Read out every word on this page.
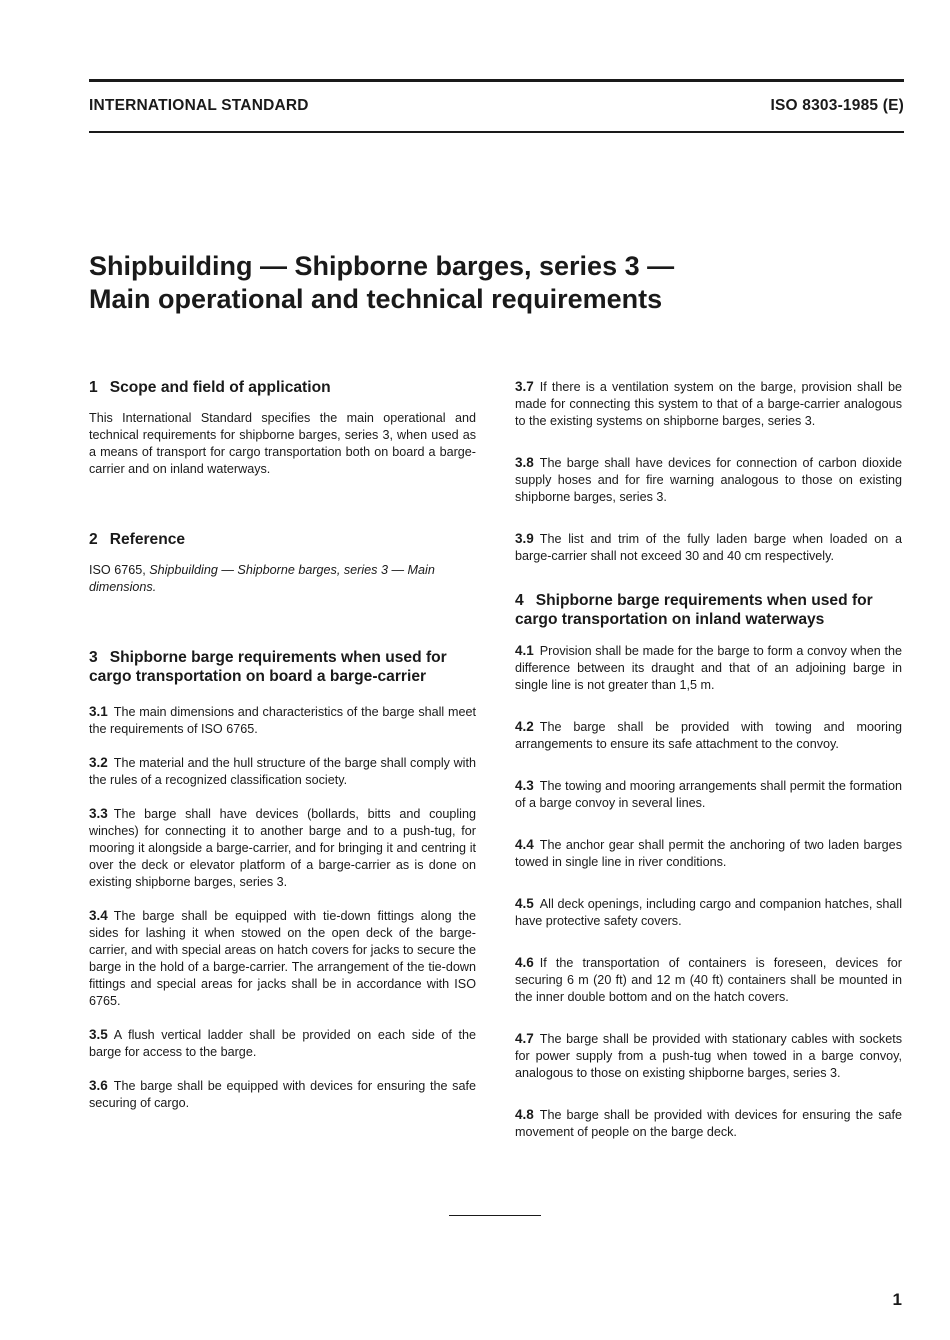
INTERNATIONAL STANDARD	ISO 8303-1985 (E)
Shipbuilding — Shipborne barges, series 3 —
Main operational and technical requirements
1 Scope and field of application

This International Standard specifies the main operational and technical requirements for shipborne barges, series 3, when used as a means of transport for cargo transportation both on board a barge-carrier and on inland waterways.

2 Reference

ISO 6765, Shipbuilding — Shipborne barges, series 3 — Main dimensions.

3 Shipborne barge requirements when used for cargo transportation on board a barge-carrier

3.1 The main dimensions and characteristics of the barge shall meet the requirements of ISO 6765.

3.2 The material and the hull structure of the barge shall comply with the rules of a recognized classification society.

3.3 The barge shall have devices (bollards, bitts and coupling winches) for connecting it to another barge and to a push-tug, for mooring it alongside a barge-carrier, and for bringing it and centring it over the deck or elevator platform of a barge-carrier as is done on existing shipborne barges, series 3.

3.4 The barge shall be equipped with tie-down fittings along the sides for lashing it when stowed on the open deck of the barge-carrier, and with special areas on hatch covers for jacks to secure the barge in the hold of a barge-carrier. The arrangement of the tie-down fittings and special areas for jacks shall be in accordance with ISO 6765.

3.5 A flush vertical ladder shall be provided on each side of the barge for access to the barge.

3.6 The barge shall be equipped with devices for ensuring the safe securing of cargo.

3.7 If there is a ventilation system on the barge, provision shall be made for connecting this system to that of a barge-carrier analogous to the existing systems on shipborne barges, series 3.

3.8 The barge shall have devices for connection of carbon dioxide supply hoses and for fire warning analogous to those on existing shipborne barges, series 3.

3.9 The list and trim of the fully laden barge when loaded on a barge-carrier shall not exceed 30 and 40 cm respectively.

4 Shipborne barge requirements when used for cargo transportation on inland waterways

4.1 Provision shall be made for the barge to form a convoy when the difference between its draught and that of an adjoining barge in single line is not greater than 1,5 m.

4.2 The barge shall be provided with towing and mooring arrangements to ensure its safe attachment to the convoy.

4.3 The towing and mooring arrangements shall permit the formation of a barge convoy in several lines.

4.4 The anchor gear shall permit the anchoring of two laden barges towed in single line in river conditions.

4.5 All deck openings, including cargo and companion hatches, shall have protective safety covers.

4.6 If the transportation of containers is foreseen, devices for securing 6 m (20 ft) and 12 m (40 ft) containers shall be mounted in the inner double bottom and on the hatch covers.

4.7 The barge shall be provided with stationary cables with sockets for power supply from a push-tug when towed in a barge convoy, analogous to those on existing shipborne barges, series 3.

4.8 The barge shall be provided with devices for ensuring the safe movement of people on the barge deck.

1
